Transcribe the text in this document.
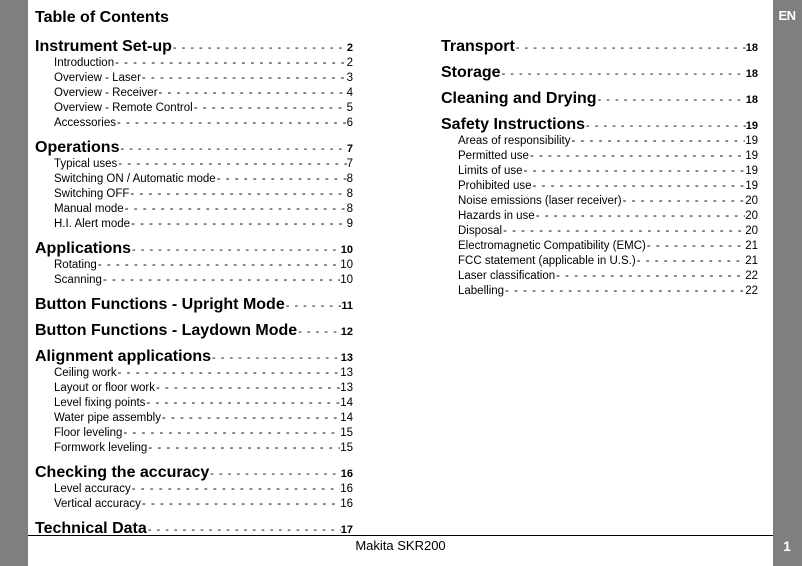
EN
1
Makita SKR200
Table of Contents
Instrument Set-up - - -	2
Introduction - - -	2
Overview - Laser - - -	3
Overview - Receiver - - -	4
Overview - Remote Control - - -	5
Accessories - - -	6
Operations - - -	7
Typical uses - - -	7
Switching ON / Automatic mode - - -	8
Switching OFF - - -	8
Manual mode - - -	8
H.I. Alert mode - - -	9
Applications - - -	10
Rotating - - -	10
Scanning - - -	10
Button Functions - Upright Mode - - -	11
Button Functions - Laydown Mode - - -	12
Alignment applications - - -	13
Ceiling work - - -	13
Layout or floor work - - -	13
Level fixing points - - -	14
Water pipe assembly - - -	14
Floor leveling - - -	15
Formwork leveling - - -	15
Checking the accuracy - - -	16
Level accuracy - - -	16
Vertical accuracy - - -	16
Technical Data - - -	17
Transport - - -	18
Storage - - -	18
Cleaning and Drying - - -	18
Safety Instructions - - -	19
Areas of responsibility - - -	19
Permitted use - - -	19
Limits of use - - -	19
Prohibited use - - -	19
Noise emissions (laser receiver) - - -	20
Hazards in use - - -	20
Disposal - - -	20
Electromagnetic Compatibility (EMC) - - -	21
FCC statement (applicable in U.S.) - - -	21
Laser classification - - -	22
Labelling - - -	22
